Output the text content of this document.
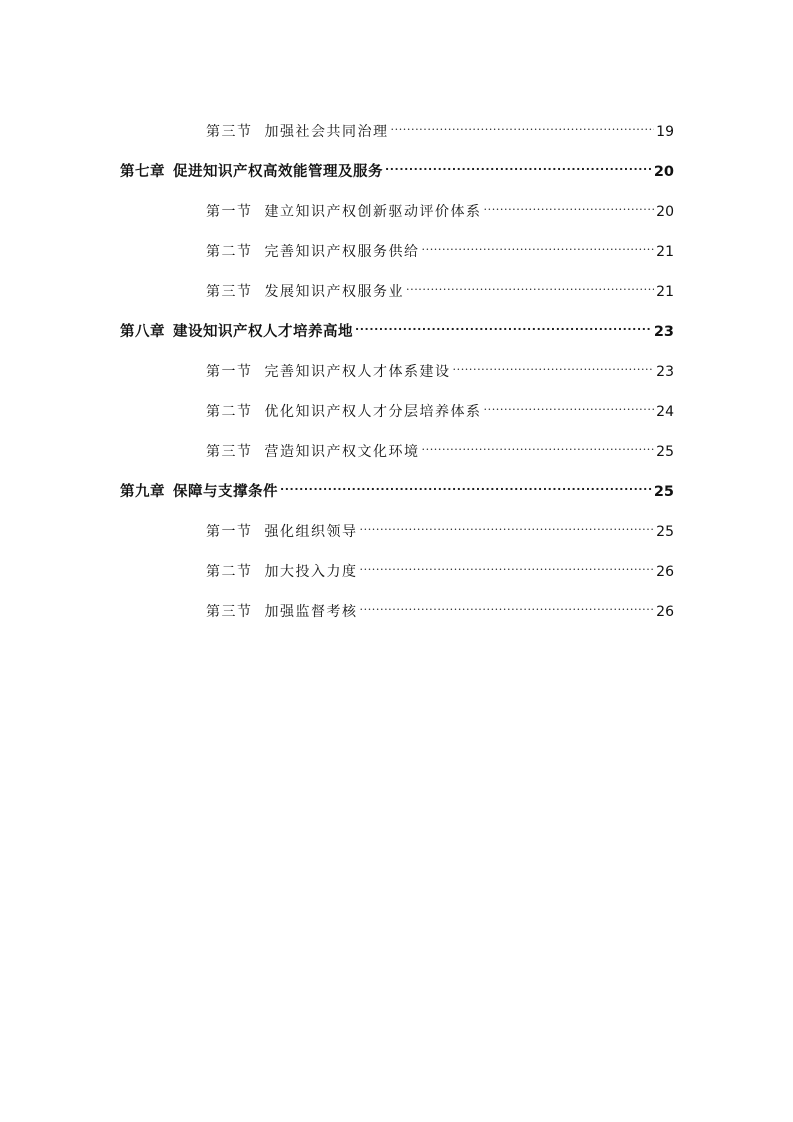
第三节 加强社会共同治理 .....	19
第七章 促进知识产权高效能管理及服务 .....	20
第一节 建立知识产权创新驱动评价体系 .....	20
第二节 完善知识产权服务供给 .....	21
第三节 发展知识产权服务业 .....	21
第八章 建设知识产权人才培养高地 .....	23
第一节 完善知识产权人才体系建设 .....	23
第二节 优化知识产权人才分层培养体系 .....	24
第三节 营造知识产权文化环境 .....	25
第九章 保障与支撑条件 .....	25
第一节 强化组织领导 .....	25
第二节 加大投入力度 .....	26
第三节 加强监督考核 .....	26
